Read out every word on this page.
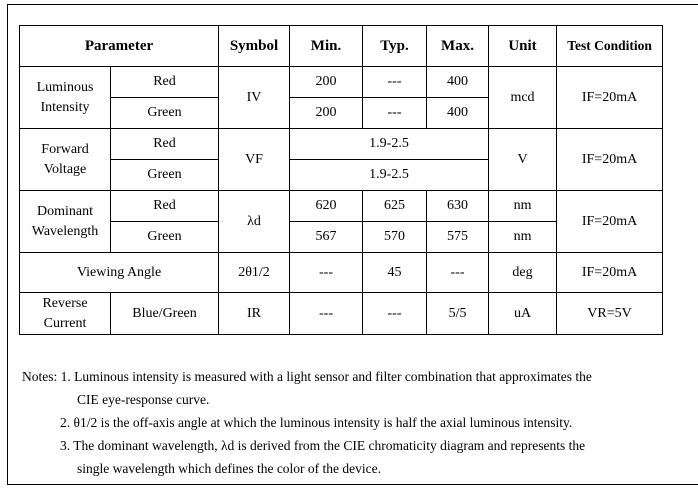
Parameter		Symbol	Min.	Typ.	Max.	Unit	Test Condition

Luminous
Intensity	Red	IV	200	---	400	mcd	IF=20mA
	Green		200	---	400		

Forward
Voltage	Red	VF	1.9-2.5			V	IF=20mA
	Green		1.9-2.5				

Dominant
Wavelength	Red	λd	620	625	630	nm	IF=20mA
	Green		567	570	575	nm	
Viewing Angle		2θ1/2	---	45	---	deg	IF=20mA

Reverse
Current	Blue/Green	IR	---	---	5/5	uA	VR=5V
Notes: 1. Luminous intensity is measured with a light sensor and filter combination that approximates the
CIE eye-response curve.
2. θ1/2 is the off-axis angle at which the luminous intensity is half the axial luminous intensity.
3. The dominant wavelength, λd is derived from the CIE chromaticity diagram and represents the
single wavelength which defines the color of the device.
